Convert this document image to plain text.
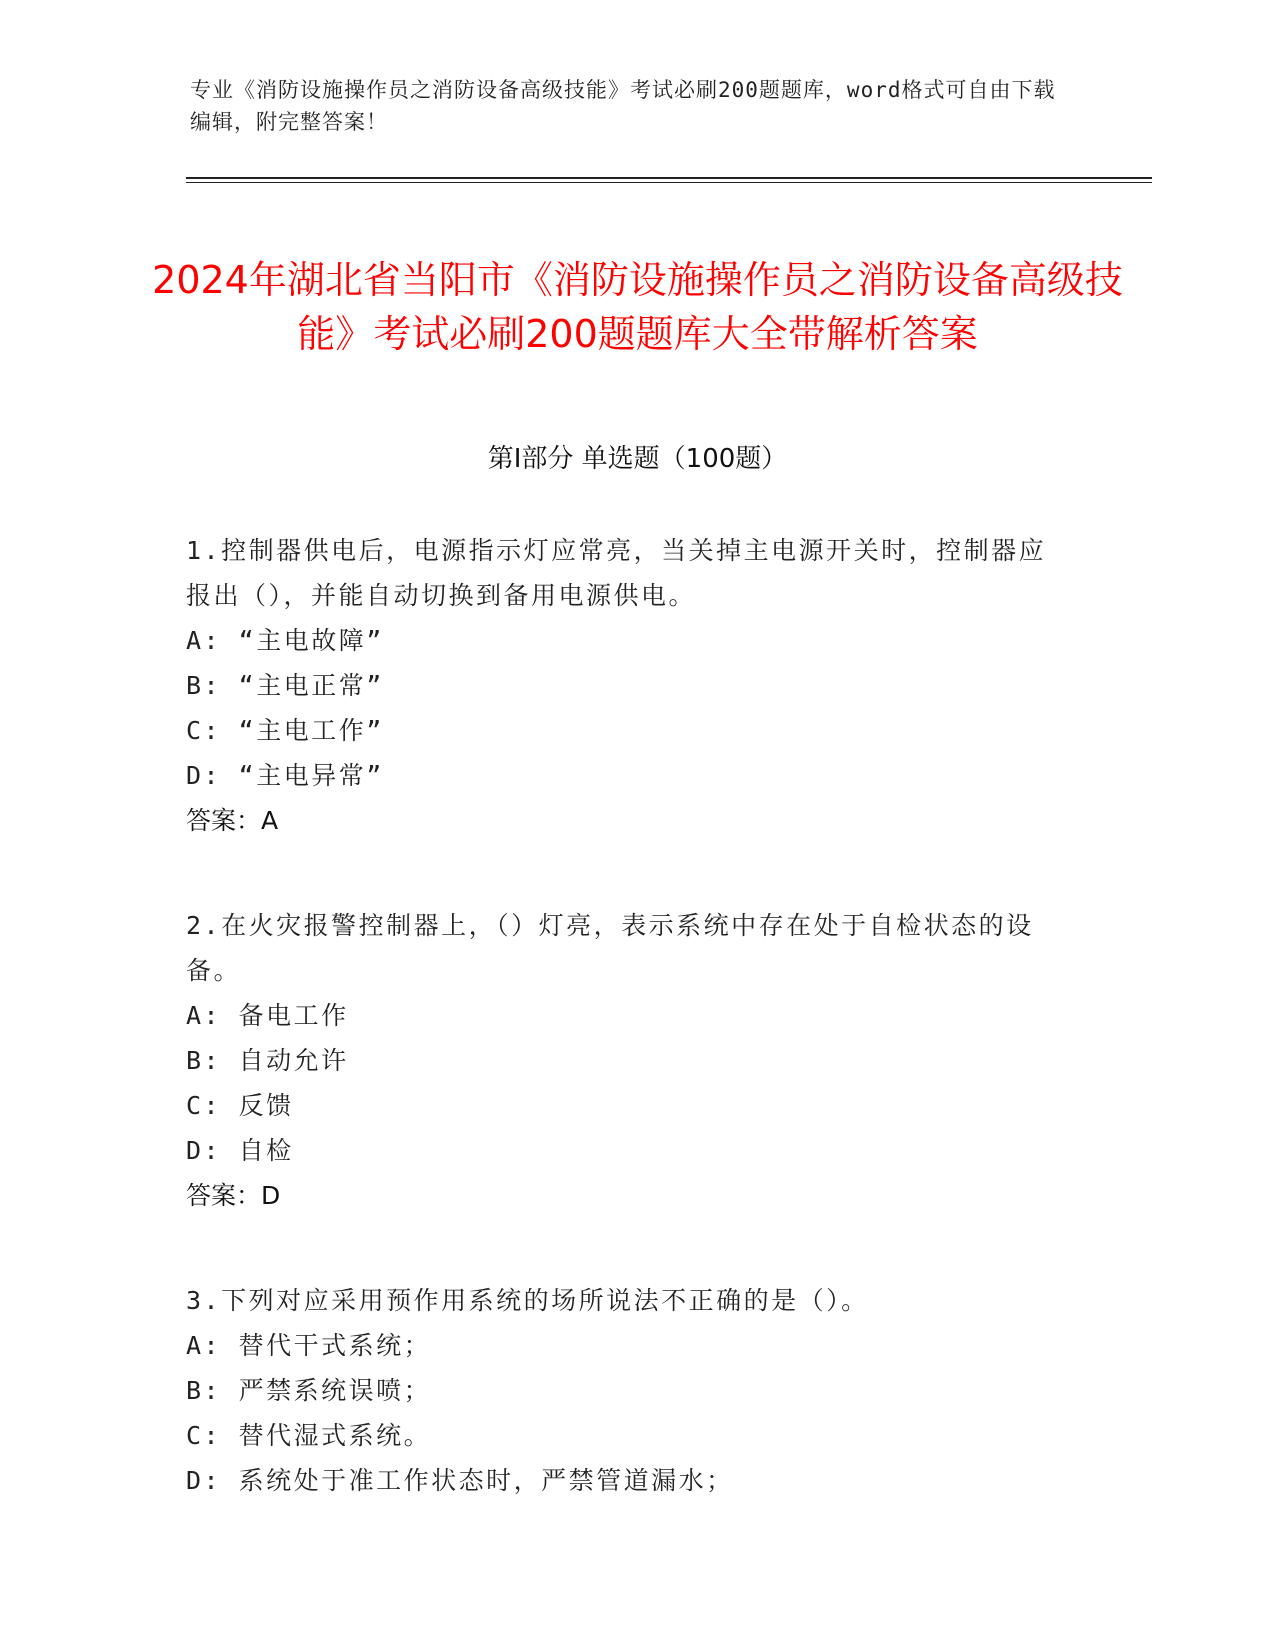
专业《消防设施操作员之消防设备高级技能》考试必刷200题题库，word格式可自由下载编辑，附完整答案！
2024年湖北省当阳市《消防设施操作员之消防设备高级技能》考试必刷200题题库大全带解析答案
第Ⅰ部分 单选题（100题）
1.控制器供电后，电源指示灯应常亮，当关掉主电源开关时，控制器应报出（），并能自动切换到备用电源供电。
A: “主电故障”
B: “主电正常”
C: “主电工作”
D: “主电异常”
答案：A
2.在火灾报警控制器上，（）灯亮，表示系统中存在处于自检状态的设备。
A: 备电工作
B: 自动允许
C: 反馈
D: 自检
答案：D
3.下列对应采用预作用系统的场所说法不正确的是（）。
A: 替代干式系统；
B: 严禁系统误喷；
C: 替代湿式系统。
D: 系统处于准工作状态时，严禁管道漏水；
